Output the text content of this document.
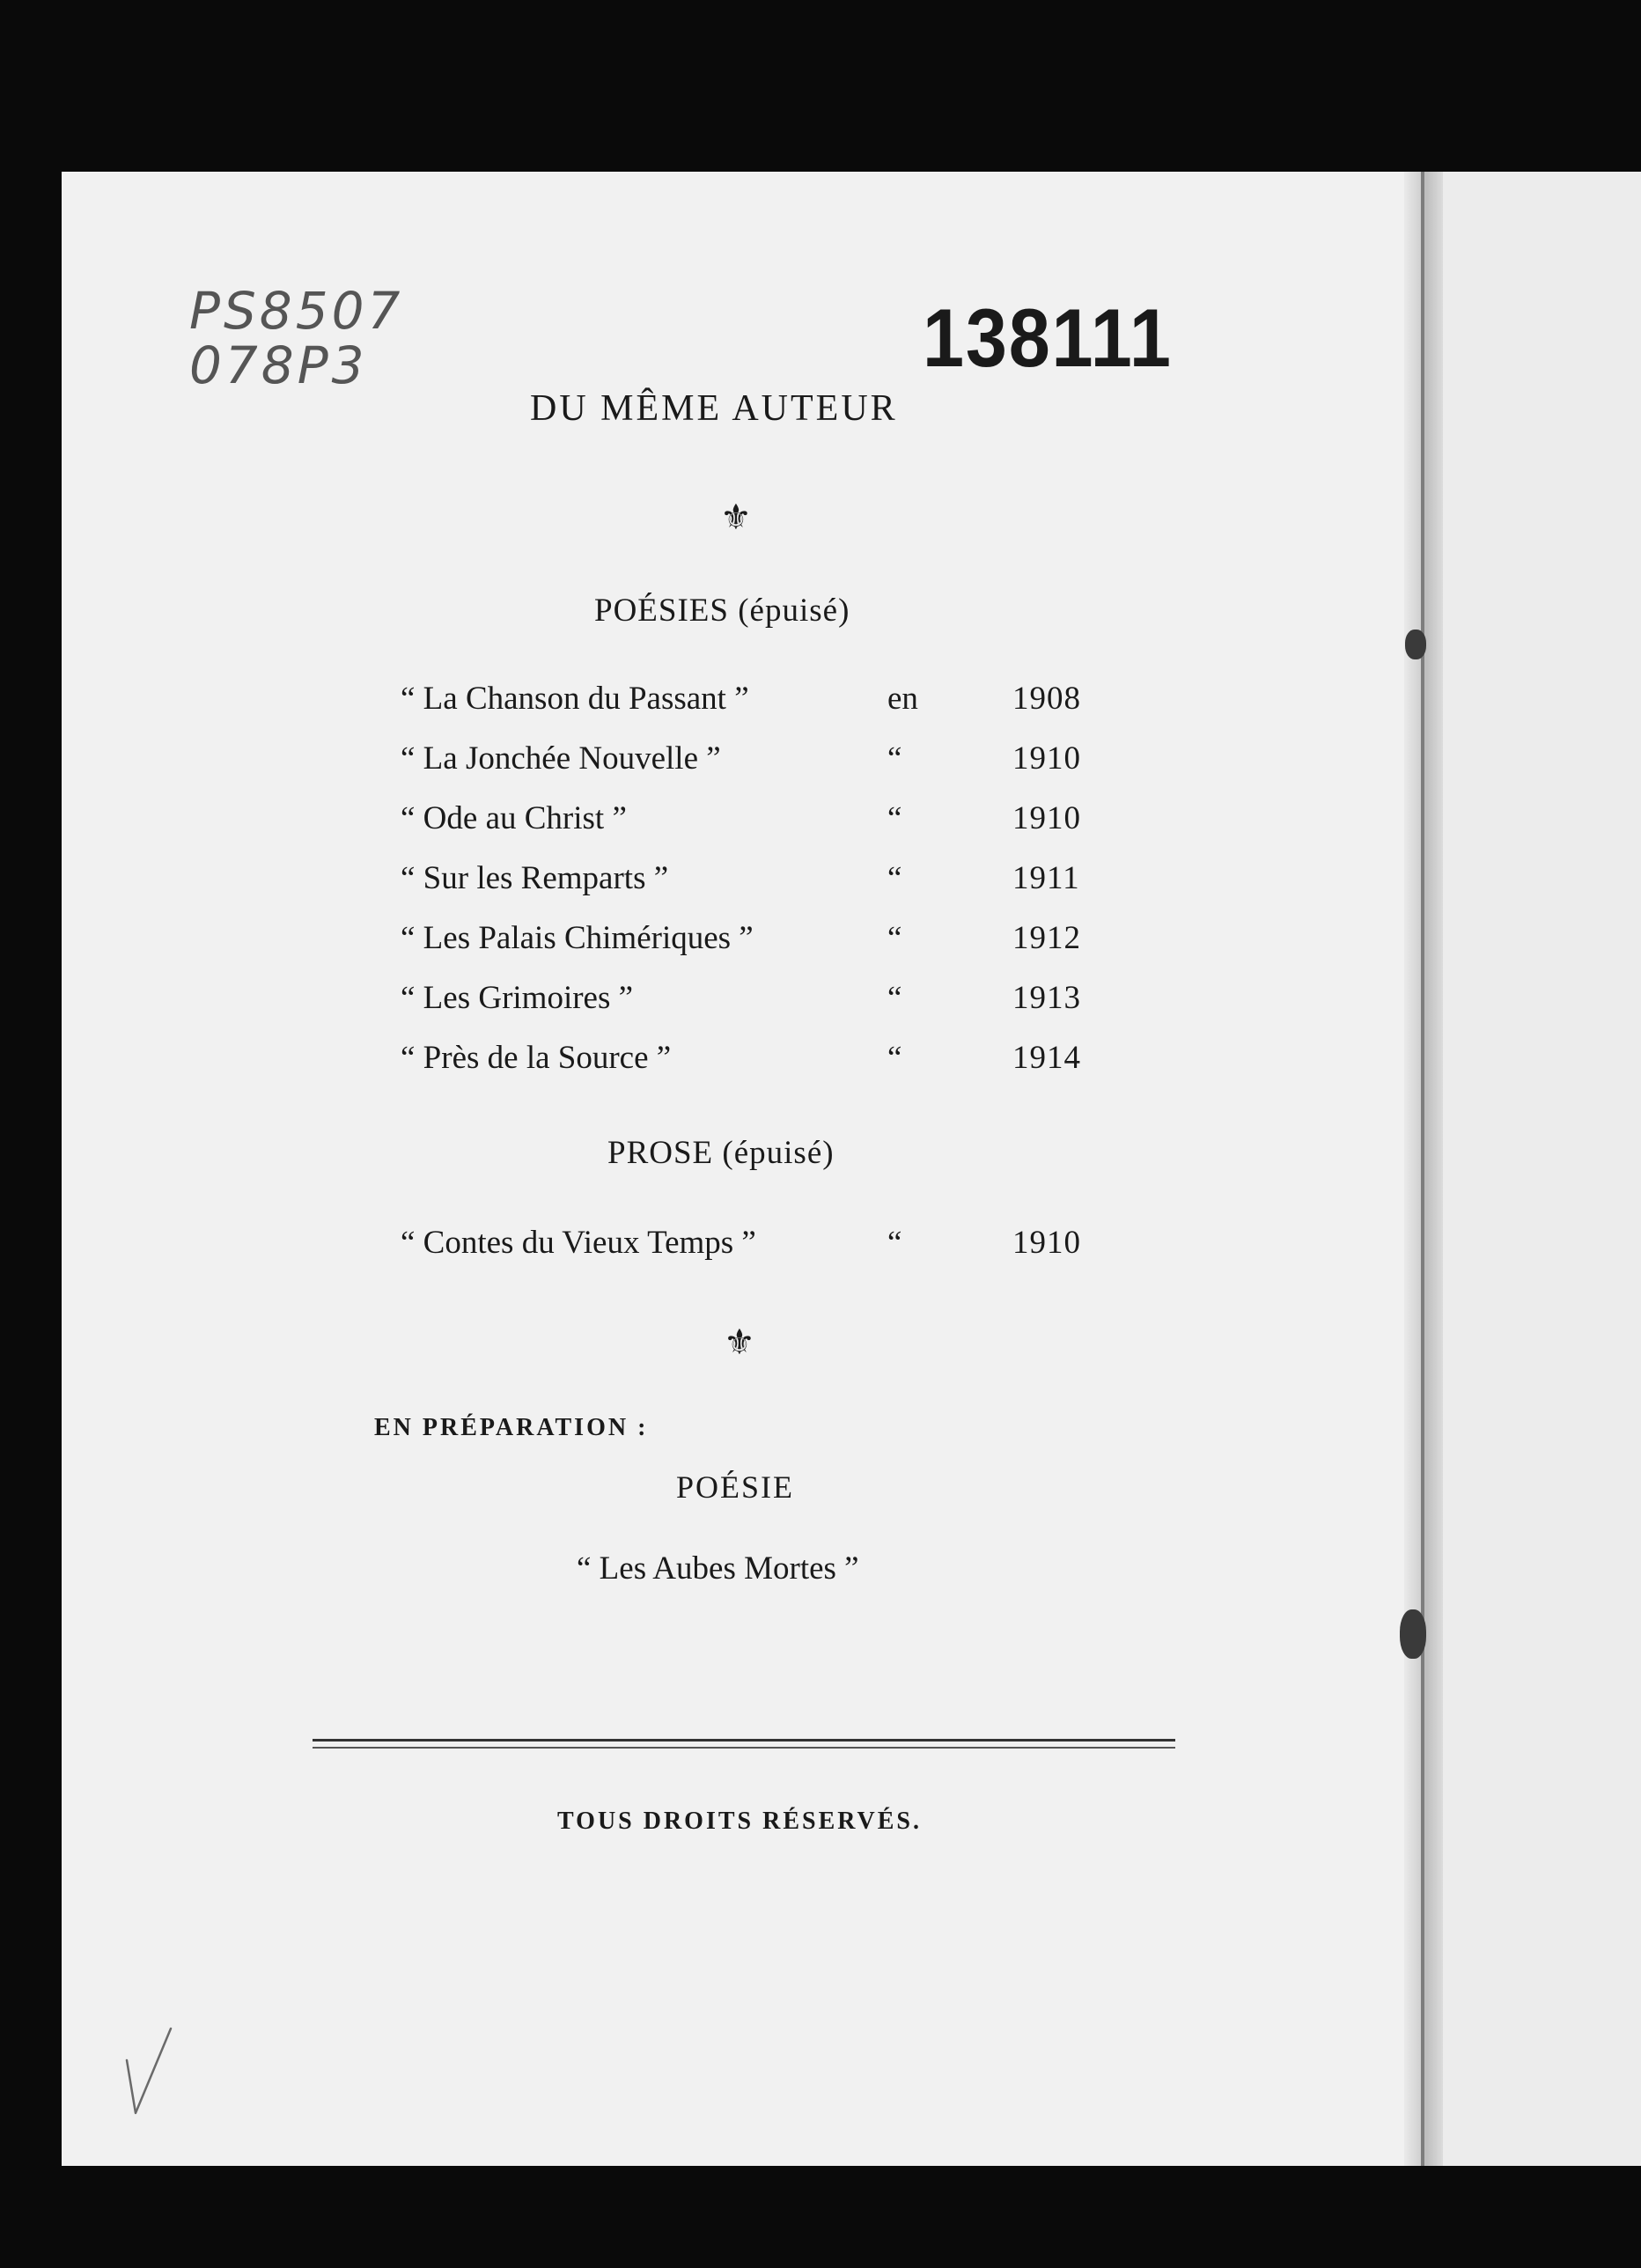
PS8507
078P3	138111
DU MÊME AUTEUR
⚜
POÉSIES (épuisé)
“ La Chanson du Passant ”	en	1908
“ La Jonchée Nouvelle ”	“	1910
“ Ode au Christ ”	“	1910
“ Sur les Remparts ”	“	1911
“ Les Palais Chimériques ”	“	1912
“ Les Grimoires ”	“	1913
“ Près de la Source ”	“	1914
PROSE (épuisé)
“ Contes du Vieux Temps ”	“	1910
⚜
EN PRÉPARATION :
POÉSIE
“ Les Aubes Mortes ”
TOUS DROITS RÉSERVÉS.
